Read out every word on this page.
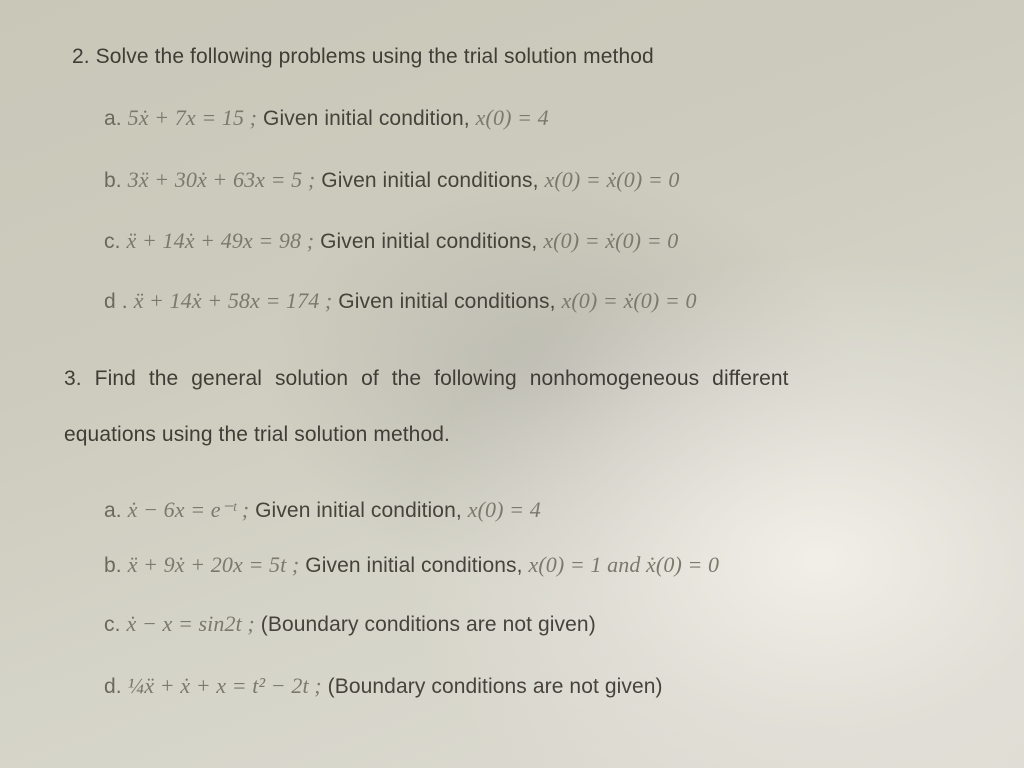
2. Solve the following problems using the trial solution method
a. 5ẋ + 7x = 15 ; Given initial condition, x(0) = 4
b. 3ẍ + 30ẋ + 63x = 5 ; Given initial conditions, x(0) = ẋ(0) = 0
c. ẍ + 14ẋ + 49x = 98 ; Given initial conditions, x(0) = ẋ(0) = 0
d . ẍ + 14ẋ + 58x = 174 ; Given initial conditions, x(0) = ẋ(0) = 0
3. Find the general solution of the following nonhomogeneous different
equations using the trial solution method.
a. ẋ − 6x = e⁻ᵗ ; Given initial condition, x(0) = 4
b. ẍ + 9ẋ + 20x = 5t ; Given initial conditions, x(0) = 1 and ẋ(0) = 0
c. ẋ − x = sin2t ; (Boundary conditions are not given)
d. ¼ẍ + ẋ + x = t² − 2t ; (Boundary conditions are not given)
